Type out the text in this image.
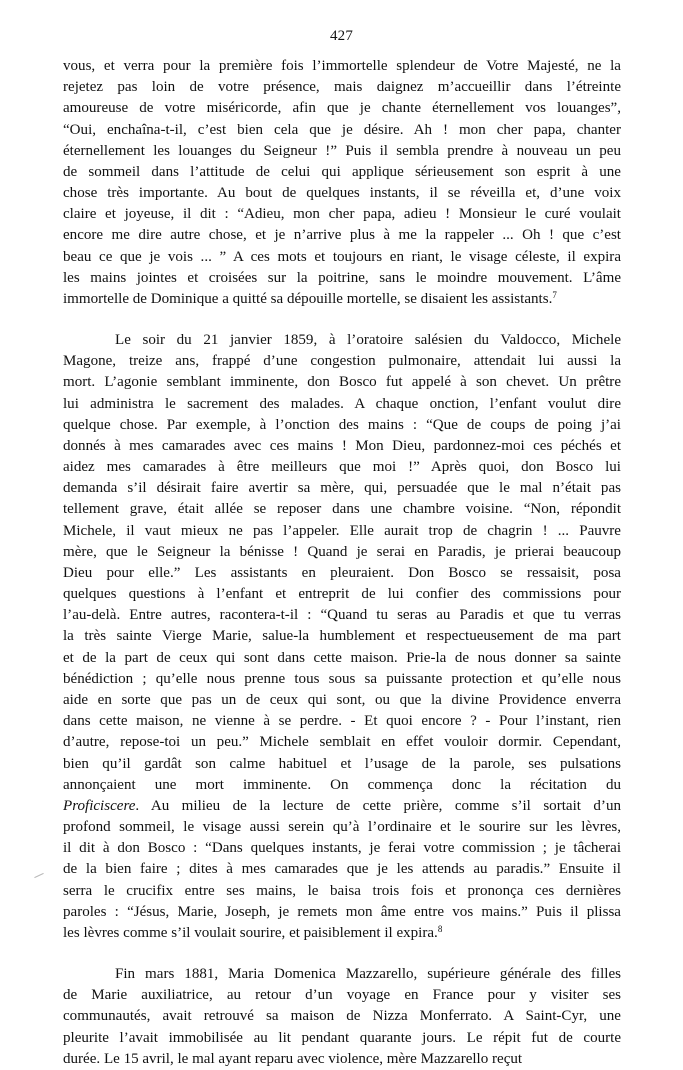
427
vous, et verra pour la première fois l’immortelle splendeur de Votre Majesté, ne la
rejetez pas loin de votre présence, mais daignez m’accueillir dans l’étreinte
amoureuse de votre miséricorde, afin que je chante éternellement vos louanges”,
“Oui, enchaîna-t-il, c’est bien cela que je désire. Ah ! mon cher papa, chanter
éternellement les louanges du Seigneur !” Puis il sembla prendre à nouveau un peu
de sommeil dans l’attitude de celui qui applique sérieusement son esprit à une
chose très importante. Au bout de quelques instants, il se réveilla et, d’une voix
claire et joyeuse, il dit : “Adieu, mon cher papa, adieu ! Monsieur le curé voulait
encore me dire autre chose, et je n’arrive plus à me la rappeler ... Oh ! que c’est
beau ce que je vois ... ” A ces mots et toujours en riant, le visage céleste, il expira
les mains jointes et croisées sur la poitrine, sans le moindre mouvement. L’âme
immortelle de Dominique a quitté sa dépouille mortelle, se disaient les assistants.$^7$
Le soir du 21 janvier 1859, à l’oratoire salésien du Valdocco, Michele
Magone, treize ans, frappé d’une congestion pulmonaire, attendait lui aussi la
mort. L’agonie semblant imminente, don Bosco fut appelé à son chevet. Un prêtre
lui administra le sacrement des malades. A chaque onction, l’enfant voulut dire
quelque chose. Par exemple, à l’onction des mains : “Que de coups de poing j’ai
donnés à mes camarades avec ces mains ! Mon Dieu, pardonnez-moi ces péchés et
aidez mes camarades à être meilleurs que moi !” Après quoi, don Bosco lui
demanda s’il désirait faire avertir sa mère, qui, persuadée que le mal n’était pas
tellement grave, était allée se reposer dans une chambre voisine. “Non, répondit
Michele, il vaut mieux ne pas l’appeler. Elle aurait trop de chagrin ! ... Pauvre
mère, que le Seigneur la bénisse ! Quand je serai en Paradis, je prierai beaucoup
Dieu pour elle.” Les assistants en pleuraient. Don Bosco se ressaisit, posa
quelques questions à l’enfant et entreprit de lui confier des commissions pour
l’au-delà. Entre autres, racontera-t-il : “Quand tu seras au Paradis et que tu verras
la très sainte Vierge Marie, salue-la humblement et respectueusement de ma part
et de la part de ceux qui sont dans cette maison. Prie-la de nous donner sa sainte
bénédiction ; qu’elle nous prenne tous sous sa puissante protection et qu’elle nous
aide en sorte que pas un de ceux qui sont, ou que la divine Providence enverra
dans cette maison, ne vienne à se perdre. - Et quoi encore ? - Pour l’instant, rien
d’autre, repose-toi un peu.” Michele semblait en effet vouloir dormir. Cependant,
bien qu’il gardât son calme habituel et l’usage de la parole, ses pulsations
annonçaient une mort imminente. On commença donc la récitation du
Proficiscere. Au milieu de la lecture de cette prière, comme s’il sortait d’un
profond sommeil, le visage aussi serein qu’à l’ordinaire et le sourire sur les lèvres,
il dit à don Bosco : “Dans quelques instants, je ferai votre commission ; je tâcherai
de la bien faire ; dites à mes camarades que je les attends au paradis.” Ensuite il
serra le crucifix entre ses mains, le baisa trois fois et prononça ces dernières
paroles : “Jésus, Marie, Joseph, je remets mon âme entre vos mains.” Puis il plissa
les lèvres comme s’il voulait sourire, et paisiblement il expira.$^8$
Fin mars 1881, Maria Domenica Mazzarello, supérieure générale des filles
de Marie auxiliatrice, au retour d’un voyage en France pour y visiter ses
communautés, avait retrouvé sa maison de Nizza Monferrato. A Saint-Cyr, une
pleurite l’avait immobilisée au lit pendant quarante jours. Le répit fut de courte
durée. Le 15 avril, le mal ayant reparu avec violence, mère Mazzarello reçut
